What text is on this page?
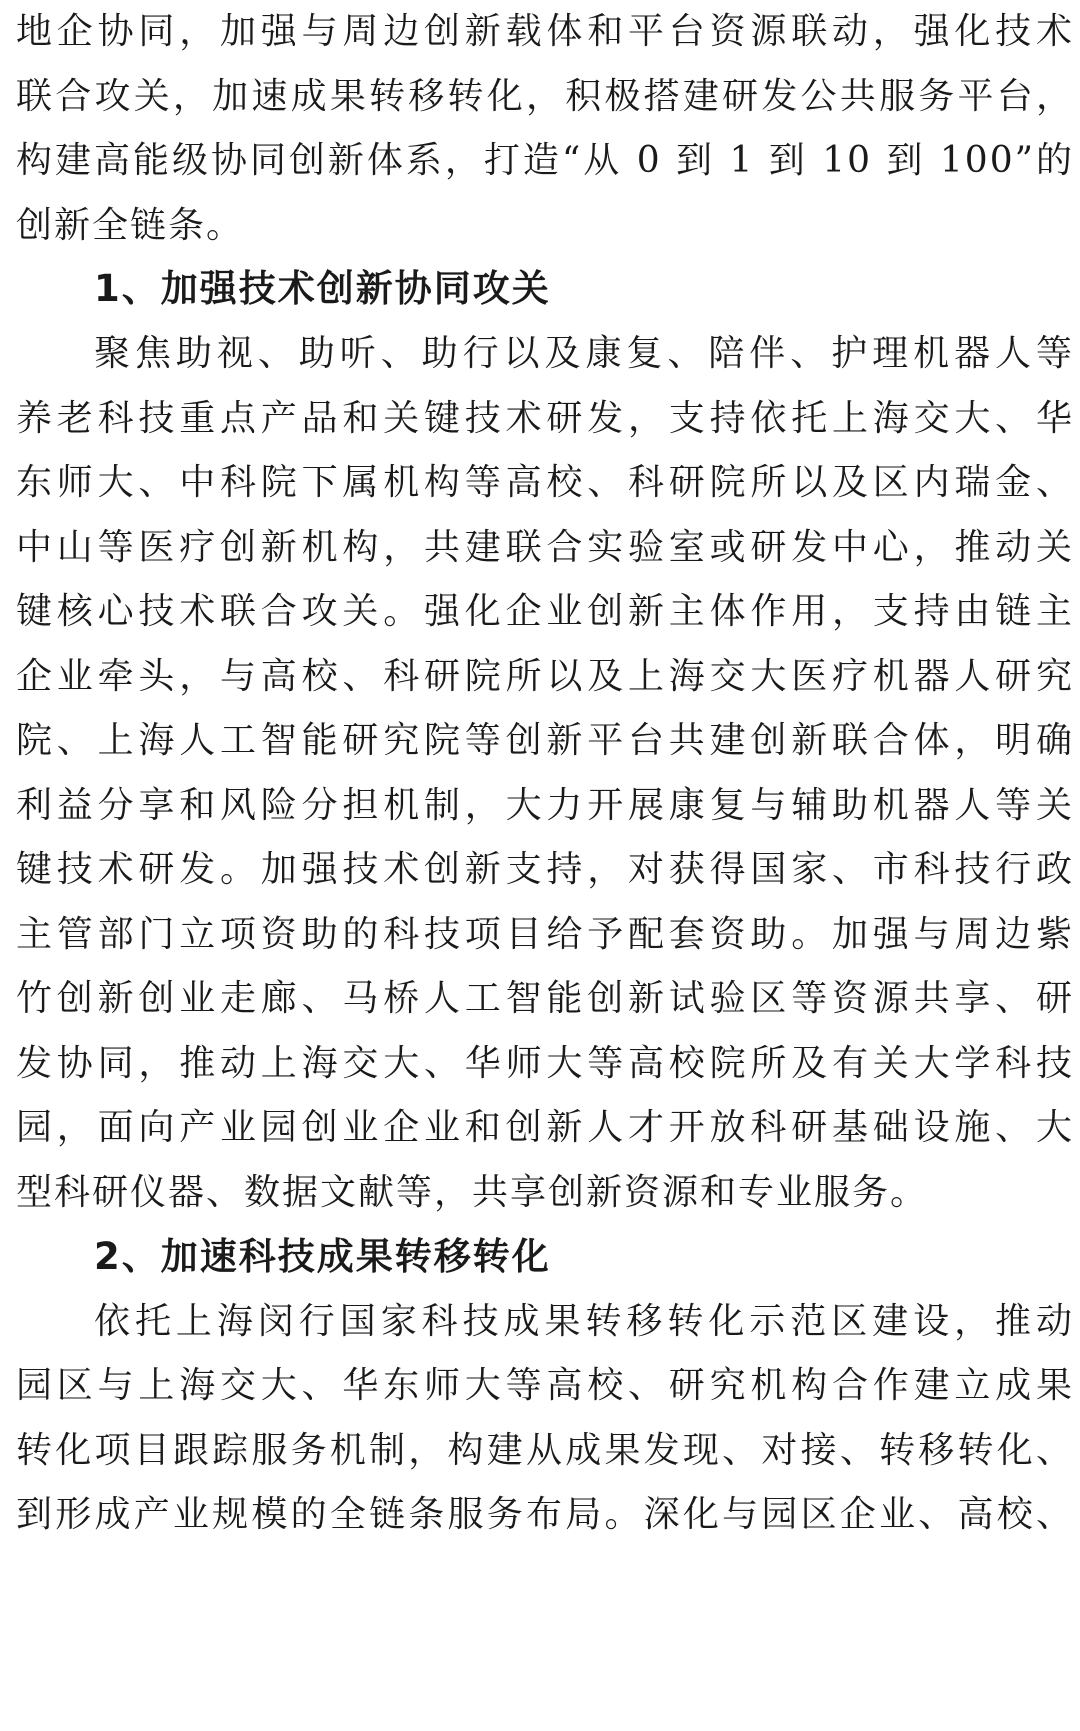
地企协同，加强与周边创新载体和平台资源联动，强化技术
联合攻关，加速成果转移转化，积极搭建研发公共服务平台，
构建高能级协同创新体系，打造“从 0 到 1 到 10 到 100”的
创新全链条。
1、加强技术创新协同攻关
聚焦助视、助听、助行以及康复、陪伴、护理机器人等
养老科技重点产品和关键技术研发，支持依托上海交大、华
东师大、中科院下属机构等高校、科研院所以及区内瑞金、
中山等医疗创新机构，共建联合实验室或研发中心，推动关
键核心技术联合攻关。强化企业创新主体作用，支持由链主
企业牵头，与高校、科研院所以及上海交大医疗机器人研究
院、上海人工智能研究院等创新平台共建创新联合体，明确
利益分享和风险分担机制，大力开展康复与辅助机器人等关
键技术研发。加强技术创新支持，对获得国家、市科技行政
主管部门立项资助的科技项目给予配套资助。加强与周边紫
竹创新创业走廊、马桥人工智能创新试验区等资源共享、研
发协同，推动上海交大、华师大等高校院所及有关大学科技
园，面向产业园创业企业和创新人才开放科研基础设施、大
型科研仪器、数据文献等，共享创新资源和专业服务。
2、加速科技成果转移转化
依托上海闵行国家科技成果转移转化示范区建设，推动
园区与上海交大、华东师大等高校、研究机构合作建立成果
转化项目跟踪服务机制，构建从成果发现、对接、转移转化、
到形成产业规模的全链条服务布局。深化与园区企业、高校、
